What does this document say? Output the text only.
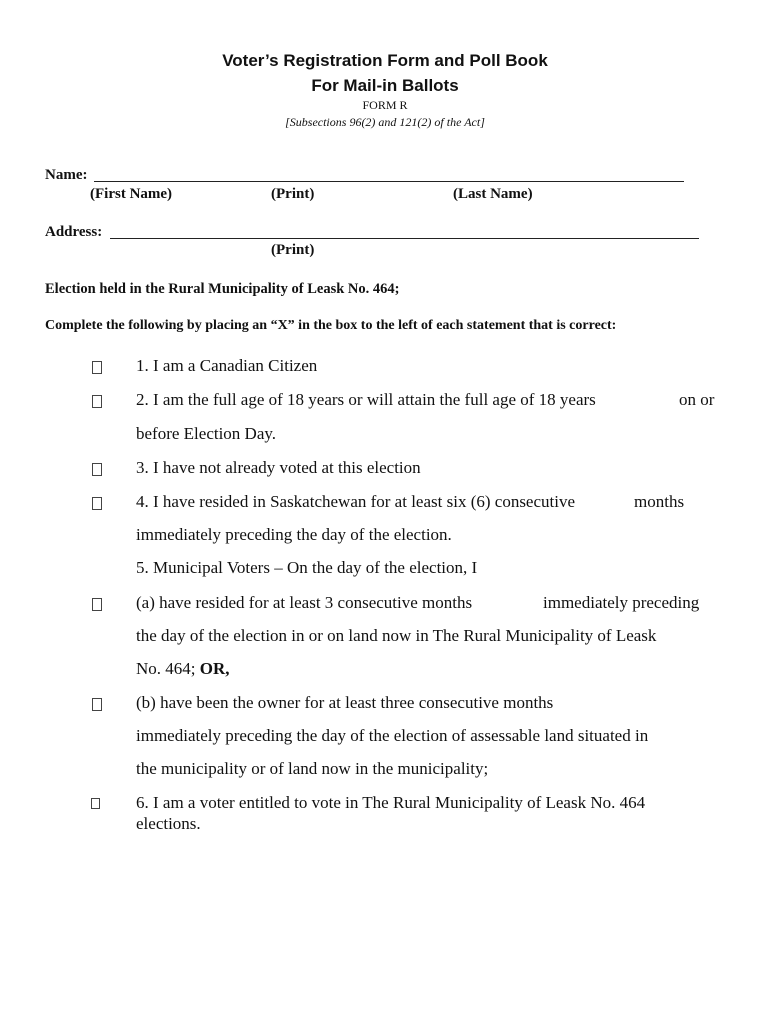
Voter’s Registration Form and Poll Book
For Mail-in Ballots
FORM R
[Subsections 96(2) and 121(2) of the Act]
Name:
(First Name)	(Print)	(Last Name)
Address:
(Print)
Election held in the Rural Municipality of Leask No. 464;
Complete the following by placing an “X” in the box to the left of each statement that is correct:
1. I am a Canadian Citizen
2. I am the full age of 18 years or will attain the full age of 18 years	on or
before Election Day.
3. I have not already voted at this election
4. I have resided in Saskatchewan for at least six (6) consecutive	months
immediately preceding the day of the election.
5. Municipal Voters – On the day of the election, I
(a) have resided for at least 3 consecutive months	immediately preceding
the day of the election in or on land now in The Rural Municipality of Leask
No. 464; OR,
(b) have been the owner for at least three consecutive months
immediately preceding the day of the election of assessable land situated in
the municipality or of land now in the municipality;
6. I am a voter entitled to vote in The Rural Municipality of Leask No. 464
elections.
